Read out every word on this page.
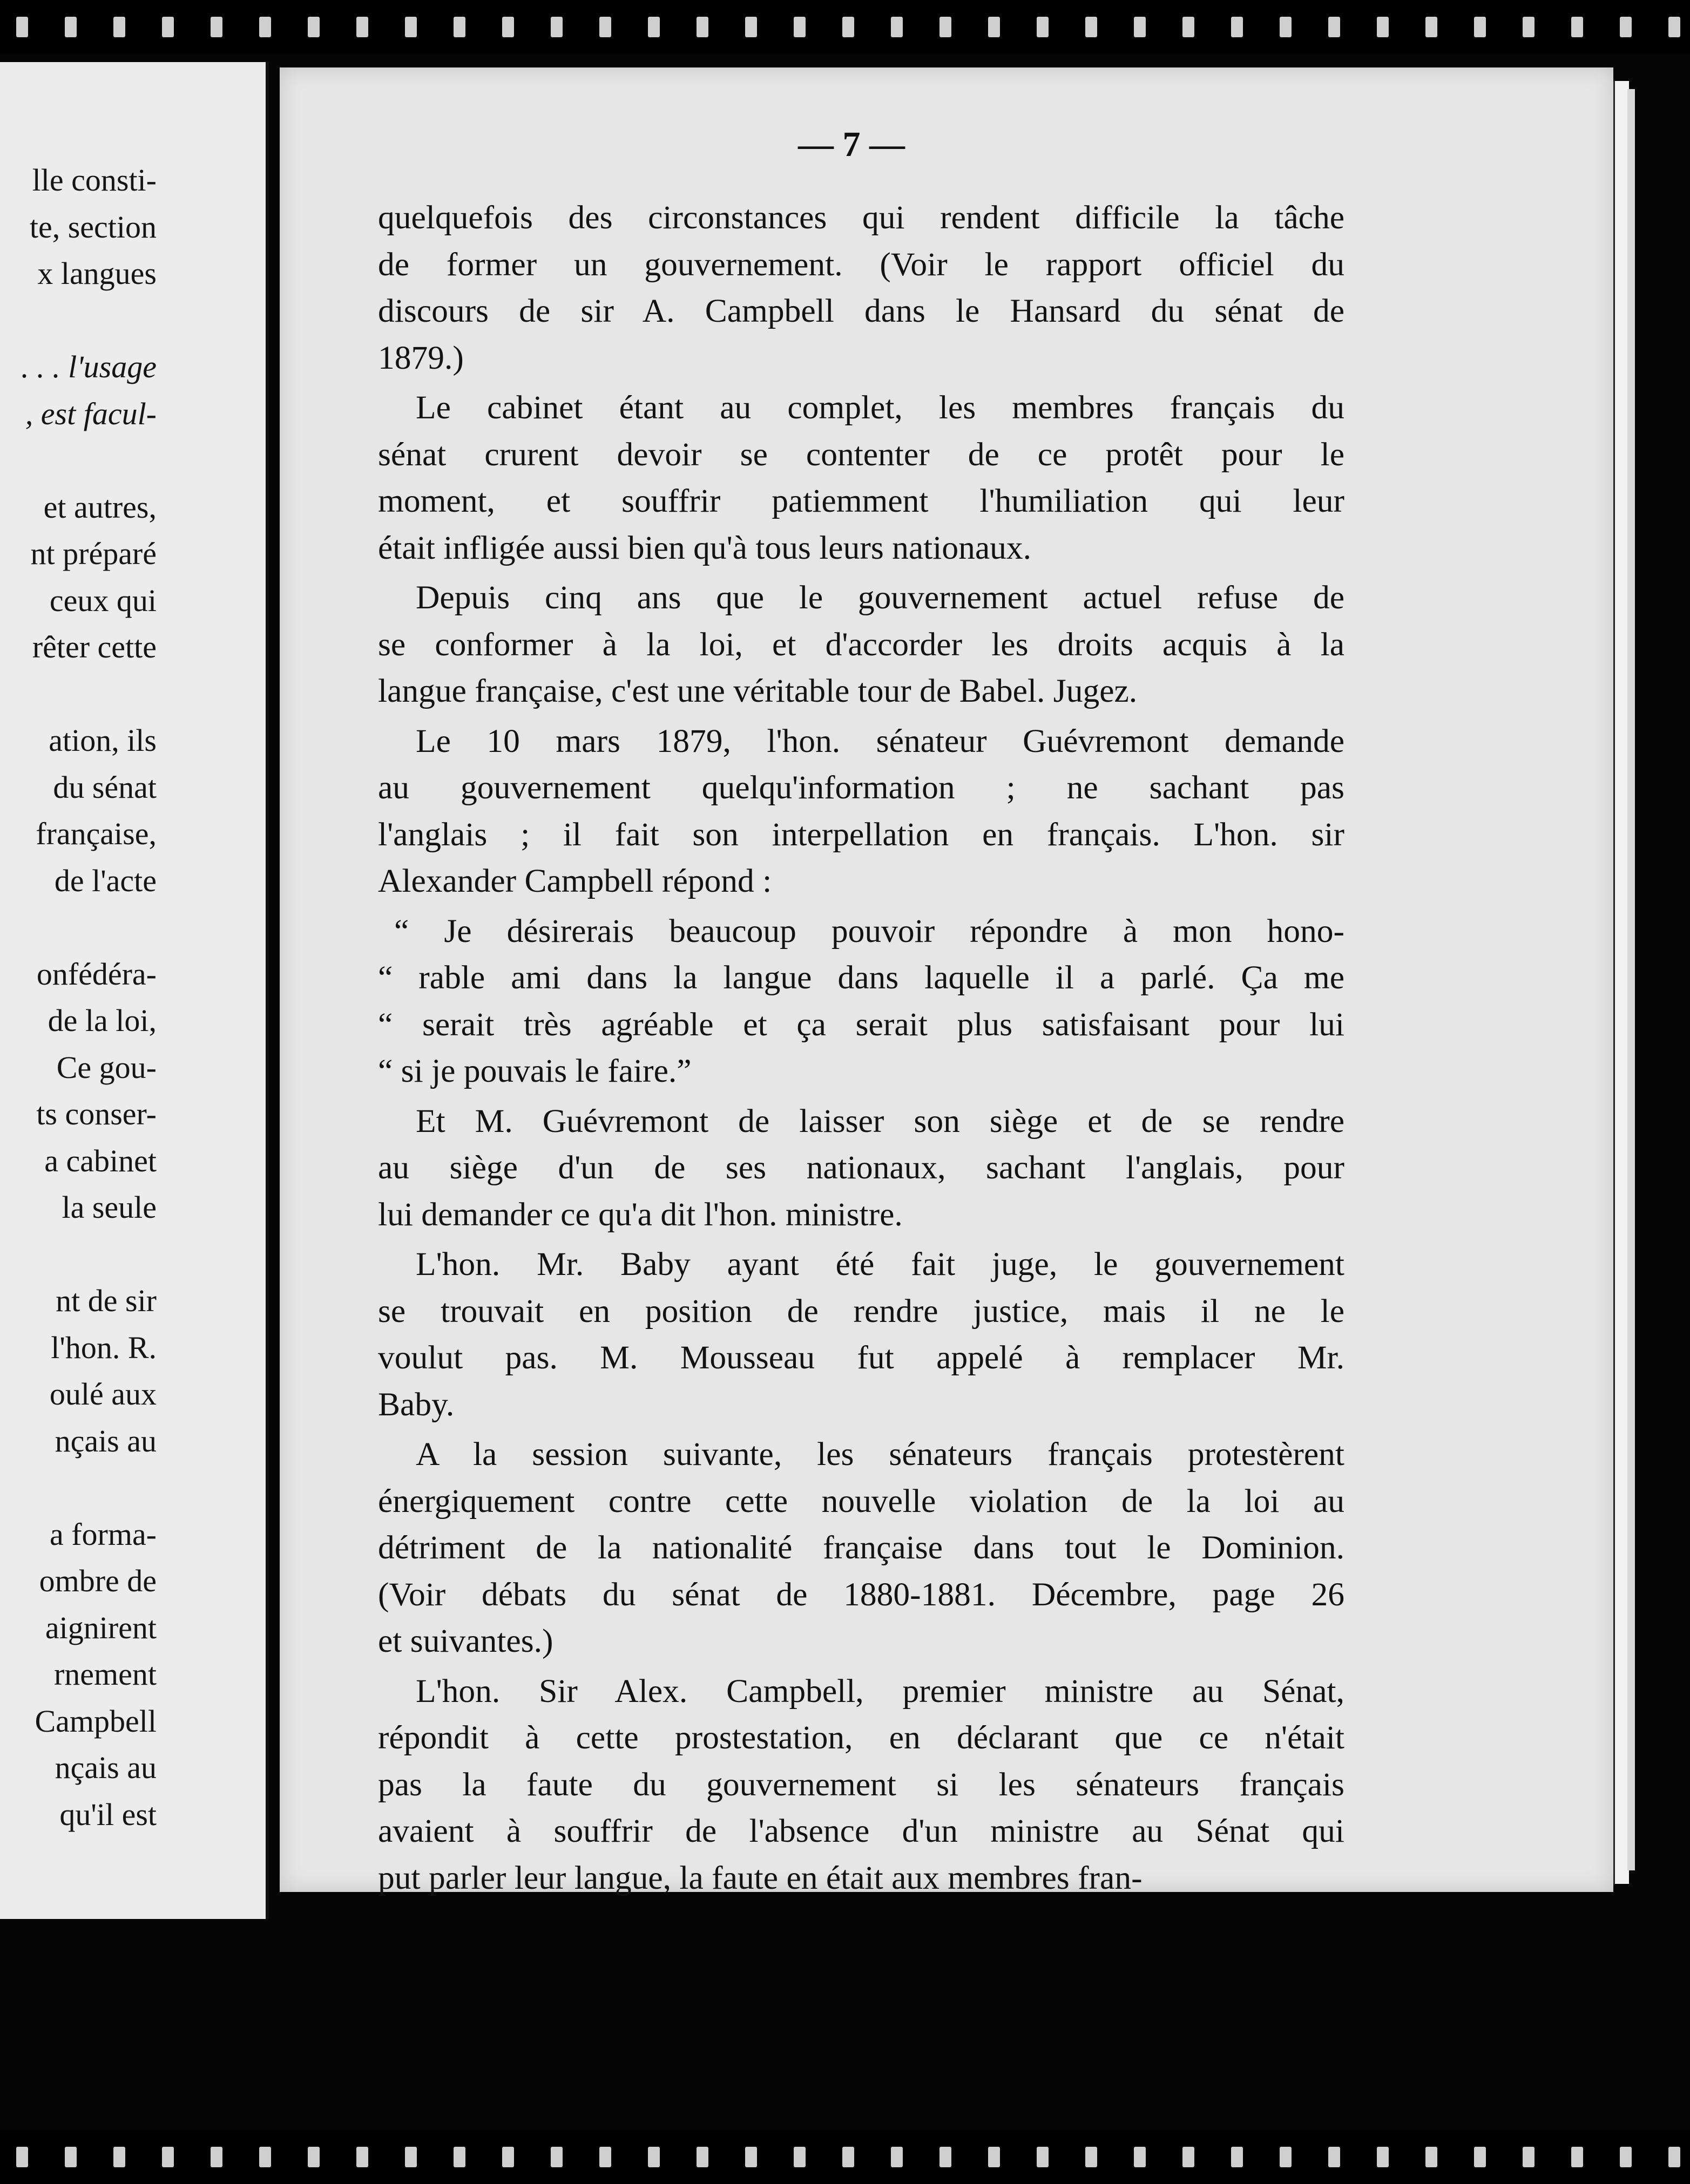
lle consti-

te, section

x langues

. . . l'usage

, est facul-

et autres,

nt préparé

ceux qui

rêter cette

ation, ils

du sénat

française,

de l'acte

onfédéra-

de la loi,

Ce gou-

ts conser-

a cabinet

la seule

nt de sir

l'hon. R.

oulé aux

nçais au

a forma-

ombre de

aignirent

rnement

Campbell

nçais au

qu'il est

— 7 —

quelquefois des circonstances qui rendent difficile la tâche
de former un gouvernement. (Voir le rapport officiel du
discours de sir A. Campbell dans le Hansard du sénat de
1879.)

Le cabinet étant au complet, les membres français du
sénat crurent devoir se contenter de ce protêt pour le
moment, et souffrir patiemment l'humiliation qui leur
était infligée aussi bien qu'à tous leurs nationaux.

Depuis cinq ans que le gouvernement actuel refuse de
se conformer à la loi, et d'accorder les droits acquis à la
langue française, c'est une véritable tour de Babel. Jugez.

Le 10 mars 1879, l'hon. sénateur Guévremont demande
au gouvernement quelqu'information ; ne sachant pas
l'anglais ; il fait son interpellation en français. L'hon. sir
Alexander Campbell répond :

“ Je désirerais beaucoup pouvoir répondre à mon hono-
“ rable ami dans la langue dans laquelle il a parlé. Ça me
“ serait très agréable et ça serait plus satisfaisant pour lui
“ si je pouvais le faire.”

Et M. Guévremont de laisser son siège et de se rendre
au siège d'un de ses nationaux, sachant l'anglais, pour
lui demander ce qu'a dit l'hon. ministre.

L'hon. Mr. Baby ayant été fait juge, le gouvernement
se trouvait en position de rendre justice, mais il ne le
voulut pas. M. Mousseau fut appelé à remplacer Mr.
Baby.

A la session suivante, les sénateurs français protestèrent
énergiquement contre cette nouvelle violation de la loi au
détriment de la nationalité française dans tout le Dominion.
(Voir débats du sénat de 1880-1881. Décembre, page 26
et suivantes.)

L'hon. Sir Alex. Campbell, premier ministre au Sénat,
répondit à cette prostestation, en déclarant que ce n'était
pas la faute du gouvernement si les sénateurs français
avaient à souffrir de l'absence d'un ministre au Sénat qui
put parler leur langue, la faute en était aux membres fran-
